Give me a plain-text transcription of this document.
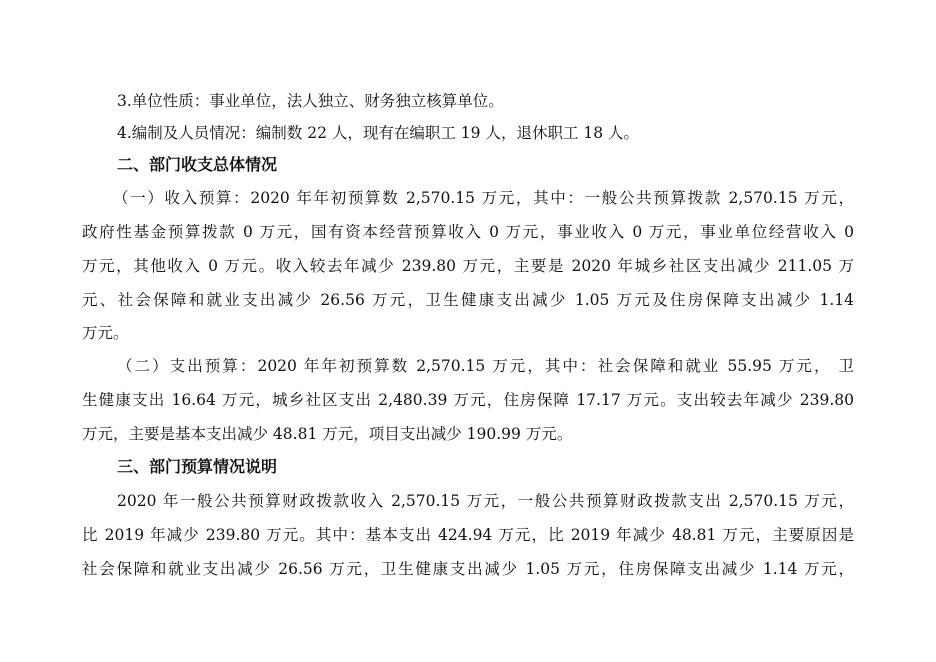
3.单位性质：事业单位，法人独立、财务独立核算单位。
4.编制及人员情况：编制数 22 人，现有在编职工 19 人，退休职工 18 人。
二、部门收支总体情况
（一）收入预算：2020 年年初预算数 2,570.15 万元，其中：一般公共预算拨款 2,570.15 万元，
政府性基金预算拨款 0 万元，国有资本经营预算收入 0 万元，事业收入 0 万元，事业单位经营收入 0
万元，其他收入 0 万元。收入较去年减少 239.80 万元，主要是 2020 年城乡社区支出减少 211.05 万
元、社会保障和就业支出减少 26.56 万元，卫生健康支出减少 1.05 万元及住房保障支出减少 1.14
万元。
（二）支出预算：2020 年年初预算数 2,570.15 万元，其中：社会保障和就业 55.95 万元， 卫
生健康支出 16.64 万元，城乡社区支出 2,480.39 万元，住房保障 17.17 万元。支出较去年减少 239.80
万元，主要是基本支出减少 48.81 万元，项目支出减少 190.99 万元。
三、部门预算情况说明
2020 年一般公共预算财政拨款收入 2,570.15 万元，一般公共预算财政拨款支出 2,570.15 万元，
比 2019 年减少 239.80 万元。其中：基本支出 424.94 万元，比 2019 年减少 48.81 万元，主要原因是
社会保障和就业支出减少 26.56 万元，卫生健康支出减少 1.05 万元，住房保障支出减少 1.14 万元，
